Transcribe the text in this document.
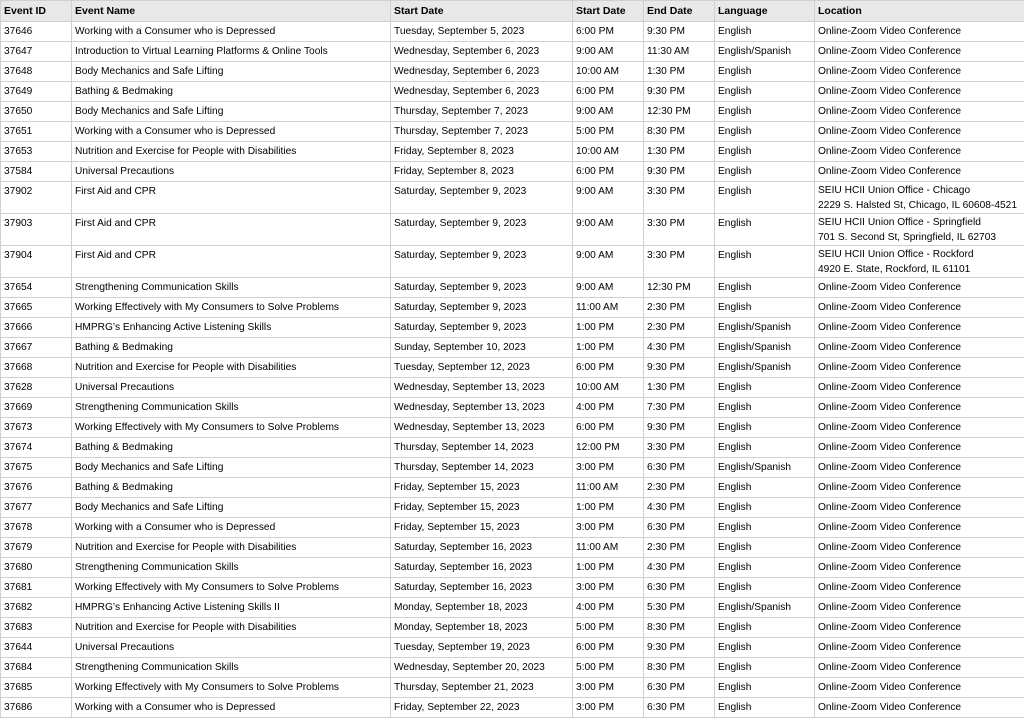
Event ID	Event Name	Start Date	Start Date	End Date	Language	Location
37646	Working with a Consumer who is Depressed	Tuesday, September 5, 2023	6:00 PM	9:30 PM	English	Online-Zoom Video Conference
37647	Introduction to Virtual Learning Platforms & Online Tools	Wednesday, September 6, 2023	9:00 AM	11:30 AM	English/Spanish	Online-Zoom Video Conference
37648	Body Mechanics and Safe Lifting	Wednesday, September 6, 2023	10:00 AM	1:30 PM	English	Online-Zoom Video Conference
37649	Bathing & Bedmaking	Wednesday, September 6, 2023	6:00 PM	9:30 PM	English	Online-Zoom Video Conference
37650	Body Mechanics and Safe Lifting	Thursday, September 7, 2023	9:00 AM	12:30 PM	English	Online-Zoom Video Conference
37651	Working with a Consumer who is Depressed	Thursday, September 7, 2023	5:00 PM	8:30 PM	English	Online-Zoom Video Conference
37653	Nutrition and Exercise for People with Disabilities	Friday, September 8, 2023	10:00 AM	1:30 PM	English	Online-Zoom Video Conference
37584	Universal Precautions	Friday, September 8, 2023	6:00 PM	9:30 PM	English	Online-Zoom Video Conference
37902	First Aid and CPR	Saturday, September 9, 2023	9:00 AM	3:30 PM	English	SEIU HCII Union Office - Chicago
2229 S. Halsted St, Chicago, IL 60608-4521

37903	First Aid and CPR	Saturday, September 9, 2023	9:00 AM	3:30 PM	English	SEIU HCII Union Office - Springfield
701 S. Second St, Springfield, IL 62703

37904	First Aid and CPR	Saturday, September 9, 2023	9:00 AM	3:30 PM	English	SEIU HCII Union Office - Rockford
4920 E. State, Rockford, IL 61101

37654	Strengthening Communication Skills	Saturday, September 9, 2023	9:00 AM	12:30 PM	English	Online-Zoom Video Conference
37665	Working Effectively with My Consumers to Solve Problems	Saturday, September 9, 2023	11:00 AM	2:30 PM	English	Online-Zoom Video Conference
37666	HMPRG’s Enhancing Active Listening Skills	Saturday, September 9, 2023	1:00 PM	2:30 PM	English/Spanish	Online-Zoom Video Conference
37667	Bathing & Bedmaking	Sunday, September 10, 2023	1:00 PM	4:30 PM	English/Spanish	Online-Zoom Video Conference
37668	Nutrition and Exercise for People with Disabilities	Tuesday, September 12, 2023	6:00 PM	9:30 PM	English/Spanish	Online-Zoom Video Conference
37628	Universal Precautions	Wednesday, September 13, 2023	10:00 AM	1:30 PM	English	Online-Zoom Video Conference
37669	Strengthening Communication Skills	Wednesday, September 13, 2023	4:00 PM	7:30 PM	English	Online-Zoom Video Conference
37673	Working Effectively with My Consumers to Solve Problems	Wednesday, September 13, 2023	6:00 PM	9:30 PM	English	Online-Zoom Video Conference
37674	Bathing & Bedmaking	Thursday, September 14, 2023	12:00 PM	3:30 PM	English	Online-Zoom Video Conference
37675	Body Mechanics and Safe Lifting	Thursday, September 14, 2023	3:00 PM	6:30 PM	English/Spanish	Online-Zoom Video Conference
37676	Bathing & Bedmaking	Friday, September 15, 2023	11:00 AM	2:30 PM	English	Online-Zoom Video Conference
37677	Body Mechanics and Safe Lifting	Friday, September 15, 2023	1:00 PM	4:30 PM	English	Online-Zoom Video Conference
37678	Working with a Consumer who is Depressed	Friday, September 15, 2023	3:00 PM	6:30 PM	English	Online-Zoom Video Conference
37679	Nutrition and Exercise for People with Disabilities	Saturday, September 16, 2023	11:00 AM	2:30 PM	English	Online-Zoom Video Conference
37680	Strengthening Communication Skills	Saturday, September 16, 2023	1:00 PM	4:30 PM	English	Online-Zoom Video Conference
37681	Working Effectively with My Consumers to Solve Problems	Saturday, September 16, 2023	3:00 PM	6:30 PM	English	Online-Zoom Video Conference
37682	HMPRG’s Enhancing Active Listening Skills II	Monday, September 18, 2023	4:00 PM	5:30 PM	English/Spanish	Online-Zoom Video Conference
37683	Nutrition and Exercise for People with Disabilities	Monday, September 18, 2023	5:00 PM	8:30 PM	English	Online-Zoom Video Conference
37644	Universal Precautions	Tuesday, September 19, 2023	6:00 PM	9:30 PM	English	Online-Zoom Video Conference
37684	Strengthening Communication Skills	Wednesday, September 20, 2023	5:00 PM	8:30 PM	English	Online-Zoom Video Conference
37685	Working Effectively with My Consumers to Solve Problems	Thursday, September 21, 2023	3:00 PM	6:30 PM	English	Online-Zoom Video Conference
37686	Working with a Consumer who is Depressed	Friday, September 22, 2023	3:00 PM	6:30 PM	English	Online-Zoom Video Conference
